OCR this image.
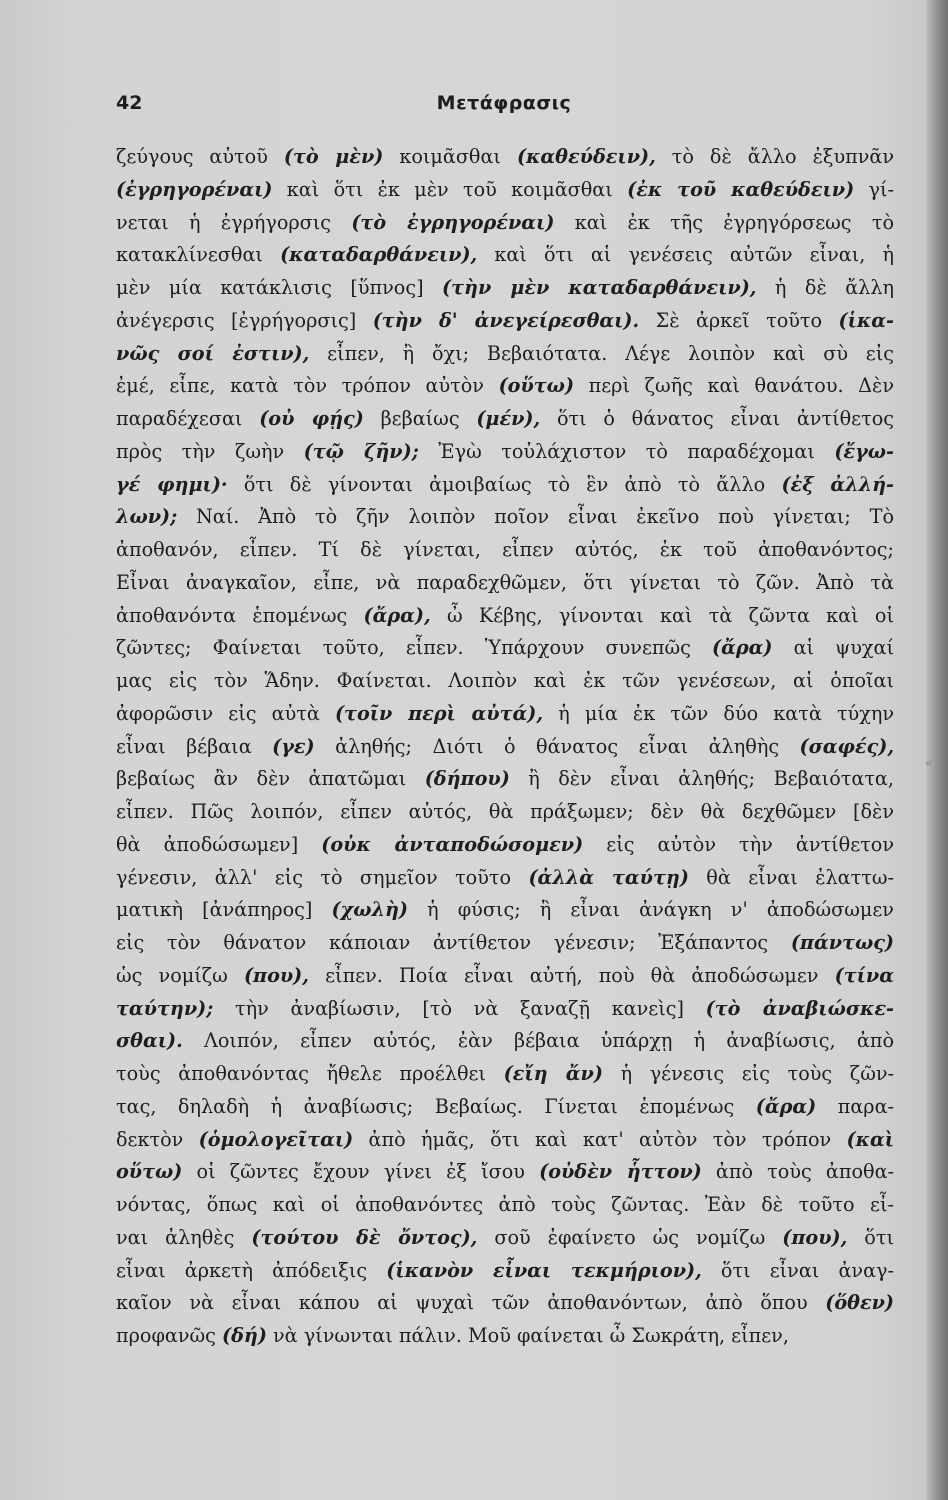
42	Μετάφρασις
ζεύγους αὐτοῦ (τὸ μὲν) κοιμᾶσθαι (καθεύδειν), τὸ δὲ ἄλλο ἐξυπνᾶν
(ἐγρηγορέναι) καὶ ὅτι ἐκ μὲν τοῦ κοιμᾶσθαι (ἐκ τοῦ καθεύδειν) γί-
νεται ἡ ἐγρήγορσις (τὸ ἐγρηγορέναι) καὶ ἐκ τῆς ἐγρηγόρσεως τὸ
κατακλίνεσθαι (καταδαρθάνειν), καὶ ὅτι αἱ γενέσεις αὐτῶν εἶναι, ἡ
μὲν μία κατάκλισις [ὕπνος] (τὴν μὲν καταδαρθάνειν), ἡ δὲ ἄλλη
ἀνέγερσις [ἐγρήγορσις] (τὴν δ' ἀνεγείρεσθαι). Σὲ ἀρκεῖ τοῦτο (ἱκα-
νῶς σοί ἐστιν), εἶπεν, ἢ ὄχι; Βεβαιότατα. Λέγε λοιπὸν καὶ σὺ εἰς
ἐμέ, εἶπε, κατὰ τὸν τρόπον αὐτὸν (οὕτω) περὶ ζωῆς καὶ θανάτου. Δὲν
παραδέχεσαι (οὐ φῄς) βεβαίως (μέν), ὅτι ὁ θάνατος εἶναι ἀντίθετος
πρὸς τὴν ζωὴν (τῷ ζῆν); Ἐγὼ τοὐλάχιστον τὸ παραδέχομαι (ἔγω-
γέ φημι)· ὅτι δὲ γίνονται ἀμοιβαίως τὸ ἓν ἀπὸ τὸ ἄλλο (ἐξ ἀλλή-
λων); Ναί. Ἀπὸ τὸ ζῆν λοιπὸν ποῖον εἶναι ἐκεῖνο ποὺ γίνεται; Τὸ
ἀποθανόν, εἶπεν. Τί δὲ γίνεται, εἶπεν αὐτός, ἐκ τοῦ ἀποθανόντος;
Εἶναι ἀναγκαῖον, εἶπε, νὰ παραδεχθῶμεν, ὅτι γίνεται τὸ ζῶν. Ἀπὸ τὰ
ἀποθανόντα ἑπομένως (ἄρα), ὦ Κέβης, γίνονται καὶ τὰ ζῶντα καὶ οἱ
ζῶντες; Φαίνεται τοῦτο, εἶπεν. Ὑπάρχουν συνεπῶς (ἄρα) αἱ ψυχαί
μας εἰς τὸν Ἅδην. Φαίνεται. Λοιπὸν καὶ ἐκ τῶν γενέσεων, αἱ ὁποῖαι
ἀφορῶσιν εἰς αὐτὰ (τοῖν περὶ αὐτά), ἡ μία ἐκ τῶν δύο κατὰ τύχην
εἶναι βέβαια (γε) ἀληθής; Διότι ὁ θάνατος εἶναι ἀληθὴς (σαφές),
βεβαίως ἂν δὲν ἀπατῶμαι (δήπου) ἢ δὲν εἶναι ἀληθής; Βεβαιότατα,
εἶπεν. Πῶς λοιπόν, εἶπεν αὐτός, θὰ πράξωμεν; δὲν θὰ δεχθῶμεν [δὲν
θὰ ἀποδώσωμεν] (οὐκ ἀνταποδώσομεν) εἰς αὐτὸν τὴν ἀντίθετον
γένεσιν, ἀλλ' εἰς τὸ σημεῖον τοῦτο (ἀλλὰ ταύτῃ) θὰ εἶναι ἐλαττω-
ματικὴ [ἀνάπηρος] (χωλὴ) ἡ φύσις; ἢ εἶναι ἀνάγκη ν' ἀποδώσωμεν
εἰς τὸν θάνατον κάποιαν ἀντίθετον γένεσιν; Ἐξάπαντος (πάντως)
ὡς νομίζω (που), εἶπεν. Ποία εἶναι αὐτή, ποὺ θὰ ἀποδώσωμεν (τίνα
ταύτην); τὴν ἀναβίωσιν, [τὸ νὰ ξαναζῇ κανεὶς] (τὸ ἀναβιώσκε-
σθαι). Λοιπόν, εἶπεν αὐτός, ἐὰν βέβαια ὑπάρχῃ ἡ ἀναβίωσις, ἀπὸ
τοὺς ἀποθανόντας ἤθελε προέλθει (εἴη ἄν) ἡ γένεσις εἰς τοὺς ζῶν-
τας, δηλαδὴ ἡ ἀναβίωσις; Βεβαίως. Γίνεται ἑπομένως (ἄρα) παρα-
δεκτὸν (ὁμολογεῖται) ἀπὸ ἡμᾶς, ὅτι καὶ κατ' αὐτὸν τὸν τρόπον (καὶ
οὕτω) οἱ ζῶντες ἔχουν γίνει ἐξ ἴσου (οὐδὲν ἧττον) ἀπὸ τοὺς ἀποθα-
νόντας, ὅπως καὶ οἱ ἀποθανόντες ἀπὸ τοὺς ζῶντας. Ἐὰν δὲ τοῦτο εἶ-
ναι ἀληθὲς (τούτου δὲ ὄντος), σοῦ ἐφαίνετο ὡς νομίζω (που), ὅτι
εἶναι ἀρκετὴ ἀπόδειξις (ἱκανὸν εἶναι τεκμήριον), ὅτι εἶναι ἀναγ-
καῖον νὰ εἶναι κάπου αἱ ψυχαὶ τῶν ἀποθανόντων, ἀπὸ ὅπου (ὅθεν)
προφανῶς (δή) νὰ γίνωνται πάλιν. Μοῦ φαίνεται ὦ Σωκράτη, εἶπεν,
«
